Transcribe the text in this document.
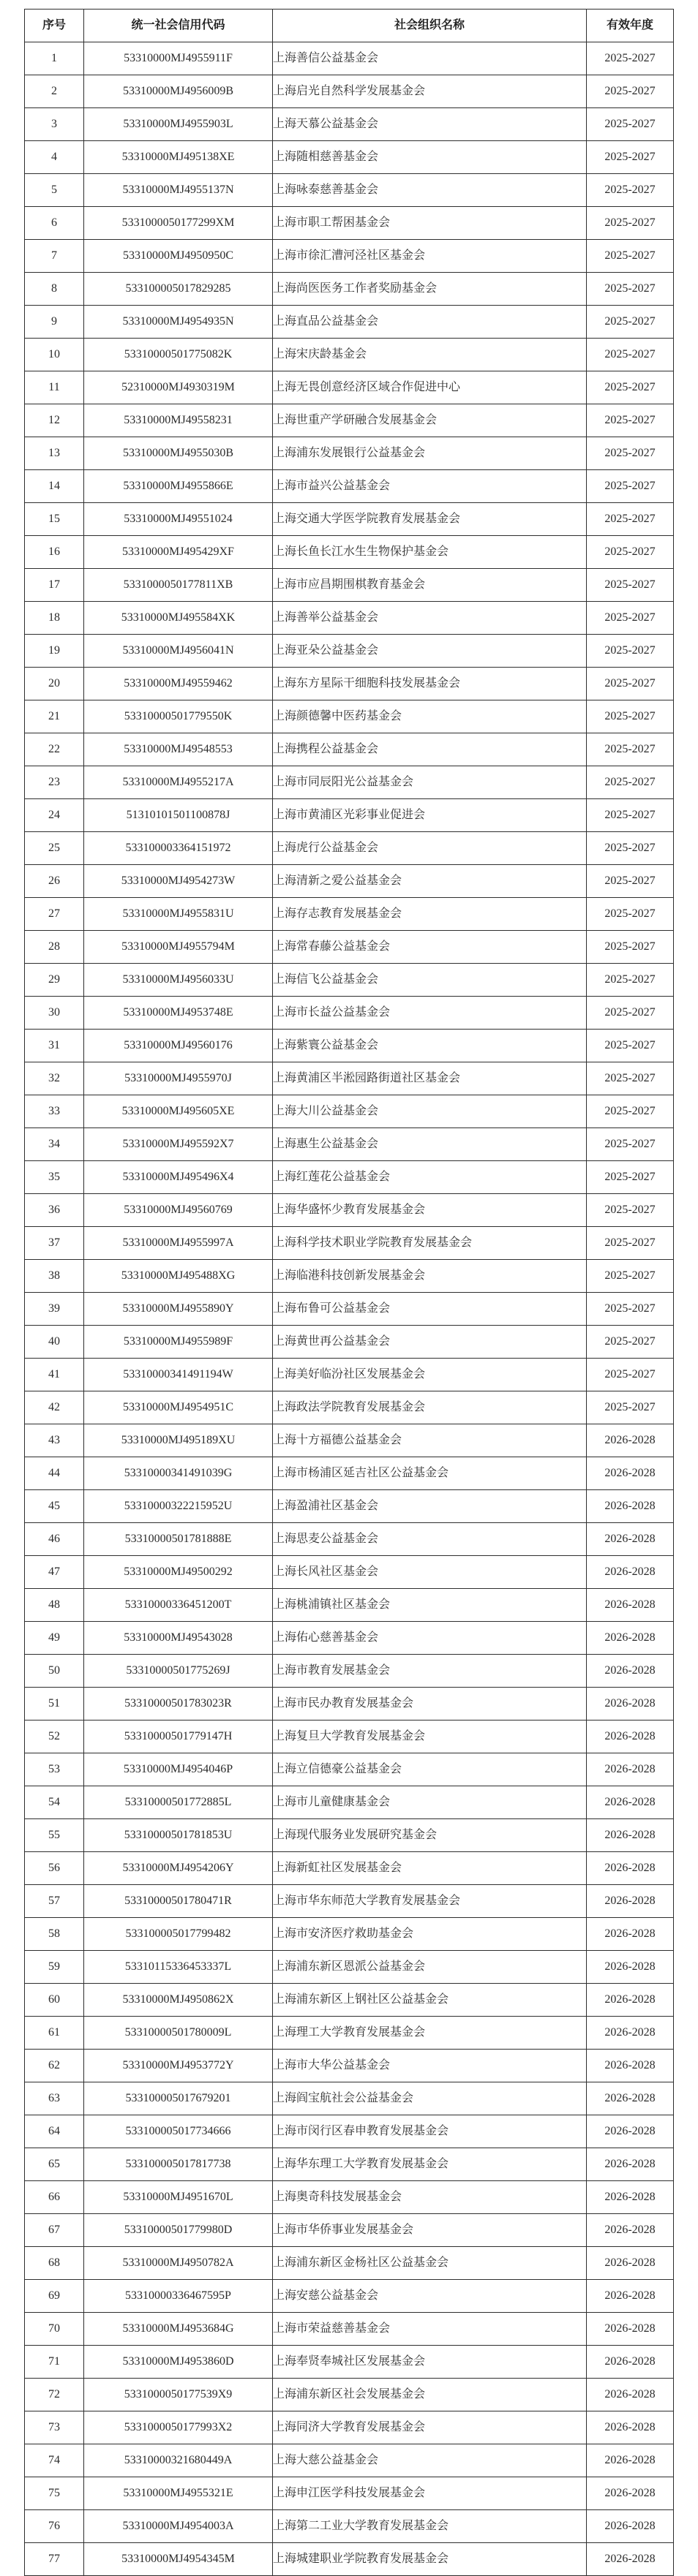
序号	统一社会信用代码	社会组织名称	有效年度
1	53310000MJ4955911F	上海善信公益基金会	2025-2027
2	53310000MJ4956009B	上海启光自然科学发展基金会	2025-2027
3	53310000MJ4955903L	上海天慕公益基金会	2025-2027
4	53310000MJ495138XE	上海随相慈善基金会	2025-2027
5	53310000MJ4955137N	上海咏泰慈善基金会	2025-2027
6	5331000050177299XM	上海市职工帮困基金会	2025-2027
7	53310000MJ4950950C	上海市徐汇漕河泾社区基金会	2025-2027
8	533100005017829285	上海尚医医务工作者奖励基金会	2025-2027
9	53310000MJ4954935N	上海直品公益基金会	2025-2027
10	53310000501775082K	上海宋庆龄基金会	2025-2027
11	52310000MJ4930319M	上海无畏创意经济区域合作促进中心	2025-2027
12	53310000MJ49558231	上海世重产学研融合发展基金会	2025-2027
13	53310000MJ4955030B	上海浦东发展银行公益基金会	2025-2027
14	53310000MJ4955866E	上海市益兴公益基金会	2025-2027
15	53310000MJ49551024	上海交通大学医学院教育发展基金会	2025-2027
16	53310000MJ495429XF	上海长鱼长江水生生物保护基金会	2025-2027
17	5331000050177811XB	上海市应昌期围棋教育基金会	2025-2027
18	53310000MJ495584XK	上海善举公益基金会	2025-2027
19	53310000MJ4956041N	上海亚朵公益基金会	2025-2027
20	53310000MJ49559462	上海东方星际干细胞科技发展基金会	2025-2027
21	53310000501779550K	上海颜德馨中医药基金会	2025-2027
22	53310000MJ49548553	上海携程公益基金会	2025-2027
23	53310000MJ4955217A	上海市同辰阳光公益基金会	2025-2027
24	51310101501100878J	上海市黄浦区光彩事业促进会	2025-2027
25	533100003364151972	上海虎行公益基金会	2025-2027
26	53310000MJ4954273W	上海清新之爱公益基金会	2025-2027
27	53310000MJ4955831U	上海存志教育发展基金会	2025-2027
28	53310000MJ4955794M	上海常春藤公益基金会	2025-2027
29	53310000MJ4956033U	上海信飞公益基金会	2025-2027
30	53310000MJ4953748E	上海市长益公益基金会	2025-2027
31	53310000MJ49560176	上海紫寰公益基金会	2025-2027
32	53310000MJ4955970J	上海黄浦区半淞园路街道社区基金会	2025-2027
33	53310000MJ495605XE	上海大川公益基金会	2025-2027
34	53310000MJ495592X7	上海惠生公益基金会	2025-2027
35	53310000MJ495496X4	上海红莲花公益基金会	2025-2027
36	53310000MJ49560769	上海华盛怀少教育发展基金会	2025-2027
37	53310000MJ4955997A	上海科学技术职业学院教育发展基金会	2025-2027
38	53310000MJ495488XG	上海临港科技创新发展基金会	2025-2027
39	53310000MJ4955890Y	上海布鲁可公益基金会	2025-2027
40	53310000MJ4955989F	上海黄世再公益基金会	2025-2027
41	53310000341491194W	上海美好临汾社区发展基金会	2025-2027
42	53310000MJ4954951C	上海政法学院教育发展基金会	2025-2027
43	53310000MJ495189XU	上海十方福德公益基金会	2026-2028
44	53310000341491039G	上海市杨浦区延吉社区公益基金会	2026-2028
45	53310000322215952U	上海盈浦社区基金会	2026-2028
46	53310000501781888E	上海思麦公益基金会	2026-2028
47	53310000MJ49500292	上海长风社区基金会	2026-2028
48	53310000336451200T	上海桃浦镇社区基金会	2026-2028
49	53310000MJ49543028	上海佑心慈善基金会	2026-2028
50	53310000501775269J	上海市教育发展基金会	2026-2028
51	53310000501783023R	上海市民办教育发展基金会	2026-2028
52	53310000501779147H	上海复旦大学教育发展基金会	2026-2028
53	53310000MJ4954046P	上海立信德豪公益基金会	2026-2028
54	53310000501772885L	上海市儿童健康基金会	2026-2028
55	53310000501781853U	上海现代服务业发展研究基金会	2026-2028
56	53310000MJ4954206Y	上海新虹社区发展基金会	2026-2028
57	53310000501780471R	上海市华东师范大学教育发展基金会	2026-2028
58	533100005017799482	上海市安济医疗救助基金会	2026-2028
59	53310115336453337L	上海浦东新区恩派公益基金会	2026-2028
60	53310000MJ4950862X	上海浦东新区上钢社区公益基金会	2026-2028
61	53310000501780009L	上海理工大学教育发展基金会	2026-2028
62	53310000MJ4953772Y	上海市大华公益基金会	2026-2028
63	533100005017679201	上海阎宝航社会公益基金会	2026-2028
64	533100005017734666	上海市闵行区春申教育发展基金会	2026-2028
65	533100005017817738	上海华东理工大学教育发展基金会	2026-2028
66	53310000MJ4951670L	上海奥奇科技发展基金会	2026-2028
67	53310000501779980D	上海市华侨事业发展基金会	2026-2028
68	53310000MJ4950782A	上海浦东新区金杨社区公益基金会	2026-2028
69	53310000336467595P	上海安慈公益基金会	2026-2028
70	53310000MJ4953684G	上海市荣益慈善基金会	2026-2028
71	53310000MJ4953860D	上海奉贤奉城社区发展基金会	2026-2028
72	5331000050177539X9	上海浦东新区社会发展基金会	2026-2028
73	5331000050177993X2	上海同济大学教育发展基金会	2026-2028
74	53310000321680449A	上海大慈公益基金会	2026-2028
75	53310000MJ4955321E	上海申江医学科技发展基金会	2026-2028
76	53310000MJ4954003A	上海第二工业大学教育发展基金会	2026-2028
77	53310000MJ4954345M	上海城建职业学院教育发展基金会	2026-2028
